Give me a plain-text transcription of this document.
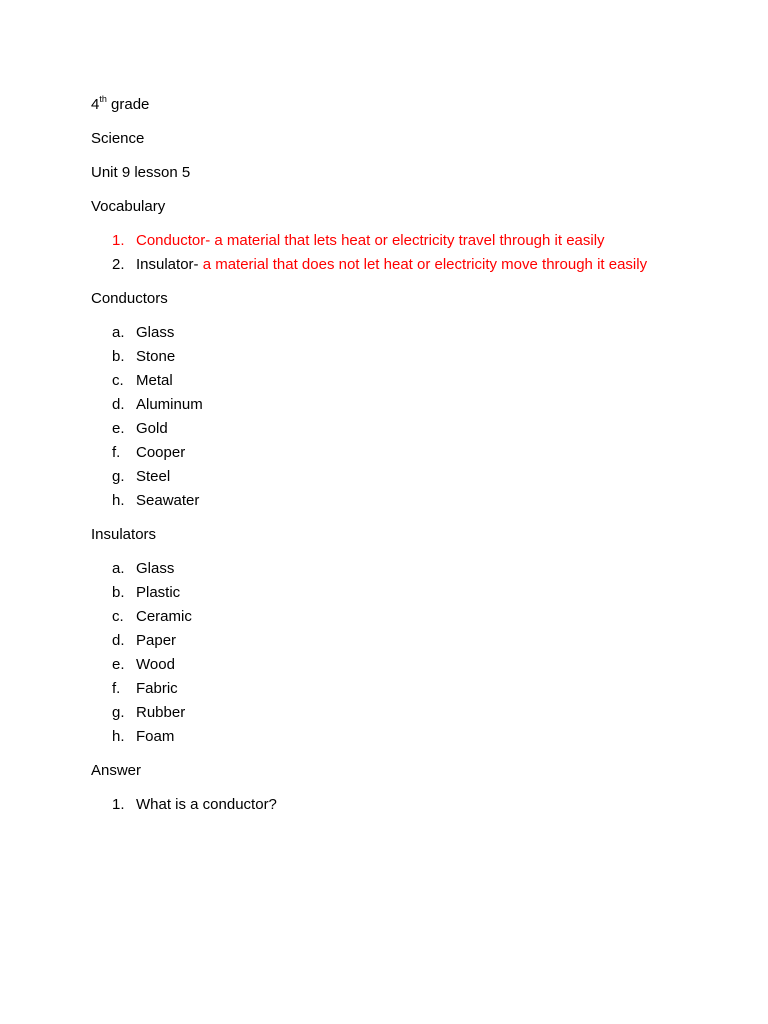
4th grade

Science

Unit 9 lesson 5

Vocabulary

1. Conductor- a material that lets heat or electricity travel through it easily
2. Insulator- a material that does not let heat or electricity move through it easily

Conductors

a. Glass
b. Stone
c. Metal
d. Aluminum
e. Gold
f. Cooper
g. Steel
h. Seawater

Insulators

a. Glass
b. Plastic
c. Ceramic
d. Paper
e. Wood
f. Fabric
g. Rubber
h. Foam

Answer

1. What is a conductor?
